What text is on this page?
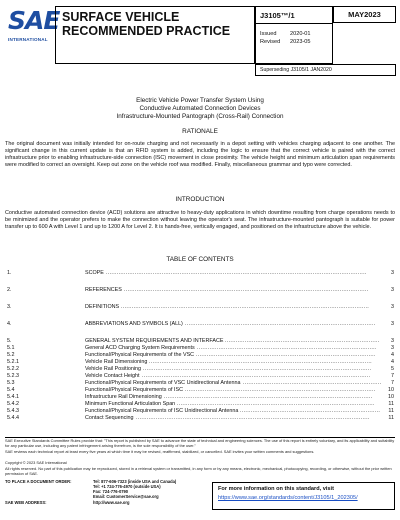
SAE
INTERNATIONAL
SURFACE VEHICLE
RECOMMENDED PRACTICE
J3105™/1
Issued 2020-01
Revised 2023-05
MAY2023
Superseding J3105/1 JAN2020
Electric Vehicle Power Transfer System Using
Conductive Automated Connection Devices
Infrastructure-Mounted Pantograph (Cross-Rail) Connection
RATIONALE

The original document was initially intended for on-route charging and not necessarily in a depot setting with vehicles charging adjacent to one another. The significant change in this current update is that an RFID system is added, including the logic to ensure that the correct vehicle is paired with the correct infrastructure prior to enabling infrastructure-side connection (ISC) movement in close proximity. The vehicle height and minimum articulation span requirements were modified to correct an oversight. Keep out zone on the vehicle roof was modified. Finally, miscellaneous grammar and typo were corrected.

INTRODUCTION

Conductive automated connection device (ACD) solutions are attractive to heavy-duty applications in which downtime resulting from charge operations needs to be minimized and the operator prefers to make the connection without leaving the operator's seat. The infrastructure-mounted pantograph is suitable for power transfer up to 600 A with Level 1 and up to 1200 A for Level 2. It is hands-free, vertically engaged, and positioned on the infrastructure above the vehicle.

TABLE OF CONTENTS
1.	SCOPE .................................................................................................................................................	3
2.	REFERENCES ........................................................................................................................................	3
3.	DEFINITIONS ..........................................................................................................................................	3
4.	ABBREVIATIONS AND SYMBOLS (ALL) ..........................................................................................................	3
5.	GENERAL SYSTEM REQUIREMENTS AND INTERFACE ......................................................................................	3
5.1	General ACD Charging System Requirements ....................................................................................................	3
5.2	Functional/Physical Requirements of the VSC ....................................................................................................	4
5.2.1	Vehicle Rail Dimensioning ............................................................................................................................	4
5.2.2	Vehicle Rail Positioning ...............................................................................................................................	5
5.2.3	Vehicle Contact Height ...............................................................................................................................	7
5.3	Functional/Physical Requirements of VSC Unidirectional Antenna .............................................................................	7
5.4	Functional/Physical Requirements of ISC ..........................................................................................................	10
5.4.1	Infrastructure Rail Dimensioning ....................................................................................................................	10
5.4.2	Minimum Functional Articulation Span ..............................................................................................................	11
5.4.3	Functional/Physical Requirements of ISC Unidirectional Antenna ..............................................................................	11
5.4.4	Contact Sequencing ..................................................................................................................................	11
SAE Executive Standards Committee Rules provide that: "This report is published by SAE to advance the state of technical and engineering sciences. The use of this report is entirely voluntary, and its applicability and suitability for any particular use, including any patent infringement arising therefrom, is the sole responsibility of the user."
SAE reviews each technical report at least every five years at which time it may be revised, reaffirmed, stabilized, or cancelled. SAE invites your written comments and suggestions.
Copyright © 2023 SAE International
All rights reserved. No part of this publication may be reproduced, stored in a retrieval system or transmitted, in any form or by any means, electronic, mechanical, photocopying, recording, or otherwise, without the prior written permission of SAE.
TO PLACE A DOCUMENT ORDER:	Tel: 877-606-7323 (inside USA and Canada)
Tel: +1 724-776-4970 (outside USA)
Fax: 724-776-0790
Email: CustomerService@sae.org
SAE WEB ADDRESS:	http://www.sae.org
For more information on this standard, visit
https://www.sae.org/standards/content/J3105/1_202305/
